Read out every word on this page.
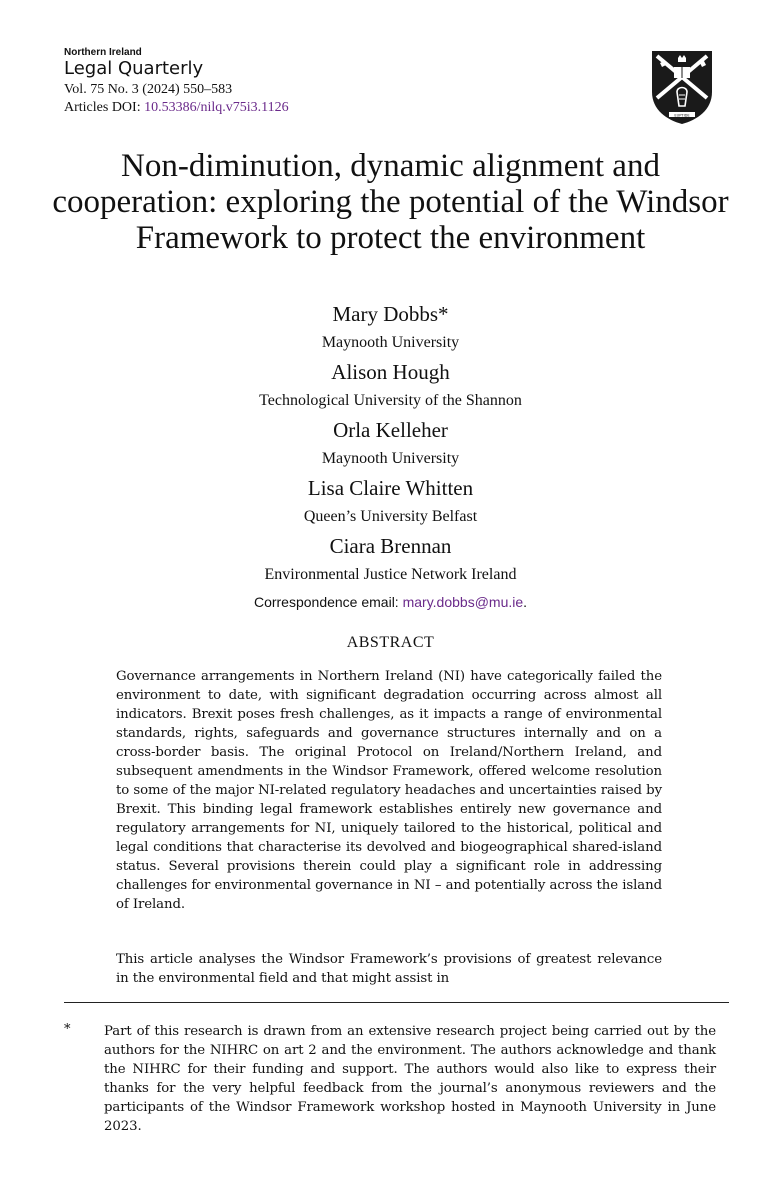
Northern Ireland
Legal Quarterly
Vol. 75 No. 3 (2024) 550–583
Articles DOI: 10.53386/nilq.v75i3.1126
EUPTIDE
Non-diminution, dynamic alignment and cooperation: exploring the potential of the Windsor Framework to protect the environment
Mary Dobbs*
Maynooth University
Alison Hough
Technological University of the Shannon
Orla Kelleher
Maynooth University
Lisa Claire Whitten
Queen’s University Belfast
Ciara Brennan
Environmental Justice Network Ireland
Correspondence email: mary.dobbs@mu.ie.
ABSTRACT

Governance arrangements in Northern Ireland (NI) have categorically failed the environment to date, with significant degradation occurring across almost all indicators. Brexit poses fresh challenges, as it impacts a range of environmental standards, rights, safeguards and governance structures internally and on a cross-border basis. The original Protocol on Ireland/Northern Ireland, and subsequent amendments in the Windsor Framework, offered welcome resolution to some of the major NI-related regulatory headaches and uncertainties raised by Brexit. This binding legal framework establishes entirely new governance and regulatory arrangements for NI, uniquely tailored to the historical, political and legal conditions that characterise its devolved and biogeographical shared-island status. Several provisions therein could play a significant role in addressing challenges for environmental governance in NI – and potentially across the island of Ireland.

This article analyses the Windsor Framework’s provisions of greatest relevance in the environmental field and that might assist in

*	Part of this research is drawn from an extensive research project being carried out by the authors for the NIHRC on art 2 and the environment. The authors acknowledge and thank the NIHRC for their funding and support. The authors would also like to express their thanks for the very helpful feedback from the journal’s anonymous reviewers and the participants of the Windsor Framework workshop hosted in Maynooth University in June 2023.
